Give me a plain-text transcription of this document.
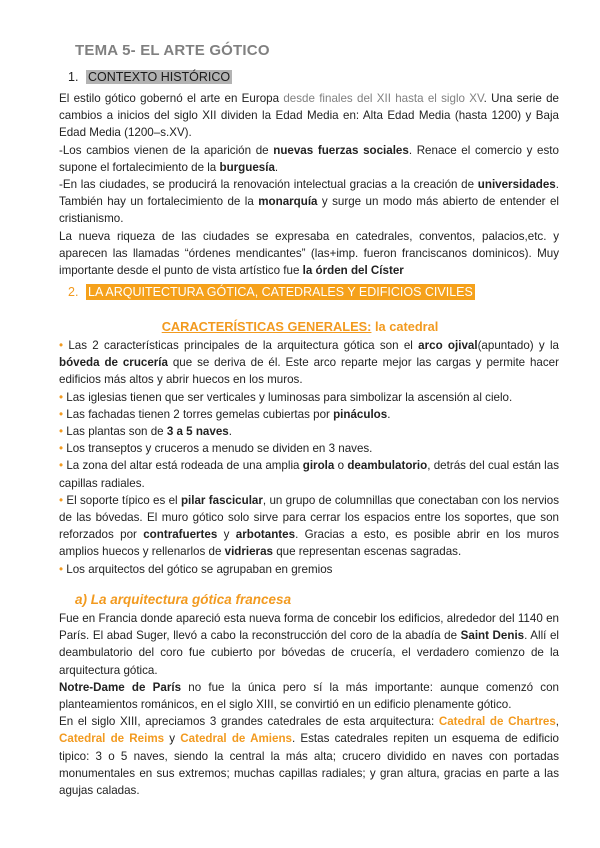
TEMA 5- EL ARTE GÓTICO
1. CONTEXTO HISTÓRICO
El estilo gótico gobernó el arte en Europa desde finales del XII hasta el siglo XV. Una serie de cambios a inicios del siglo XII dividen la Edad Media en: Alta Edad Media (hasta 1200) y Baja Edad Media (1200–s.XV).
-Los cambios vienen de la aparición de nuevas fuerzas sociales. Renace el comercio y esto supone el fortalecimiento de la burguesía.
-En las ciudades, se producirá la renovación intelectual gracias a la creación de universidades. También hay un fortalecimiento de la monarquía y surge un modo más abierto de entender el cristianismo.
La nueva riqueza de las ciudades se expresaba en catedrales, conventos, palacios,etc. y aparecen las llamadas “órdenes mendicantes” (las+imp. fueron franciscanos dominicos). Muy importante desde el punto de vista artístico fue la órden del Císter
2. LA ARQUITECTURA GÓTICA, CATEDRALES Y EDIFICIOS CIVILES
CARACTERÍSTICAS GENERALES: la catedral
• Las 2 características principales de la arquitectura gótica son el arco ojival(apuntado) y la bóveda de crucería que se deriva de él. Este arco reparte mejor las cargas y permite hacer edificios más altos y abrir huecos en los muros.
• Las iglesias tienen que ser verticales y luminosas para simbolizar la ascensión al cielo.
• Las fachadas tienen 2 torres gemelas cubiertas por pináculos.
• Las plantas son de 3 a 5 naves.
• Los transeptos y cruceros a menudo se dividen en 3 naves.
• La zona del altar está rodeada de una amplia girola o deambulatorio, detrás del cual están las capillas radiales.
• El soporte típico es el pilar fascicular, un grupo de columnillas que conectaban con los nervios de las bóvedas. El muro gótico solo sirve para cerrar los espacios entre los soportes, que son reforzados por contrafuertes y arbotantes. Gracias a esto, es posible abrir en los muros amplios huecos y rellenarlos de vidrieras que representan escenas sagradas.
• Los arquitectos del gótico se agrupaban en gremios
a) La arquitectura gótica francesa
Fue en Francia donde apareció esta nueva forma de concebir los edificios, alrededor del 1140 en París. El abad Suger, llevó a cabo la reconstrucción del coro de la abadía de Saint Denis. Allí el deambulatorio del coro fue cubierto por bóvedas de crucería, el verdadero comienzo de la arquitectura gótica.
Notre-Dame de París no fue la única pero sí la más importante: aunque comenzó con planteamientos románicos, en el siglo XIII, se convirtió en un edificio plenamente gótico.
En el siglo XIII, apreciamos 3 grandes catedrales de esta arquitectura: Catedral de Chartres, Catedral de Reims y Catedral de Amiens. Estas catedrales repiten un esquema de edificio tipico: 3 o 5 naves, siendo la central la más alta; crucero dividido en naves con portadas monumentales en sus extremos; muchas capillas radiales; y gran altura, gracias en parte a las agujas caladas.
